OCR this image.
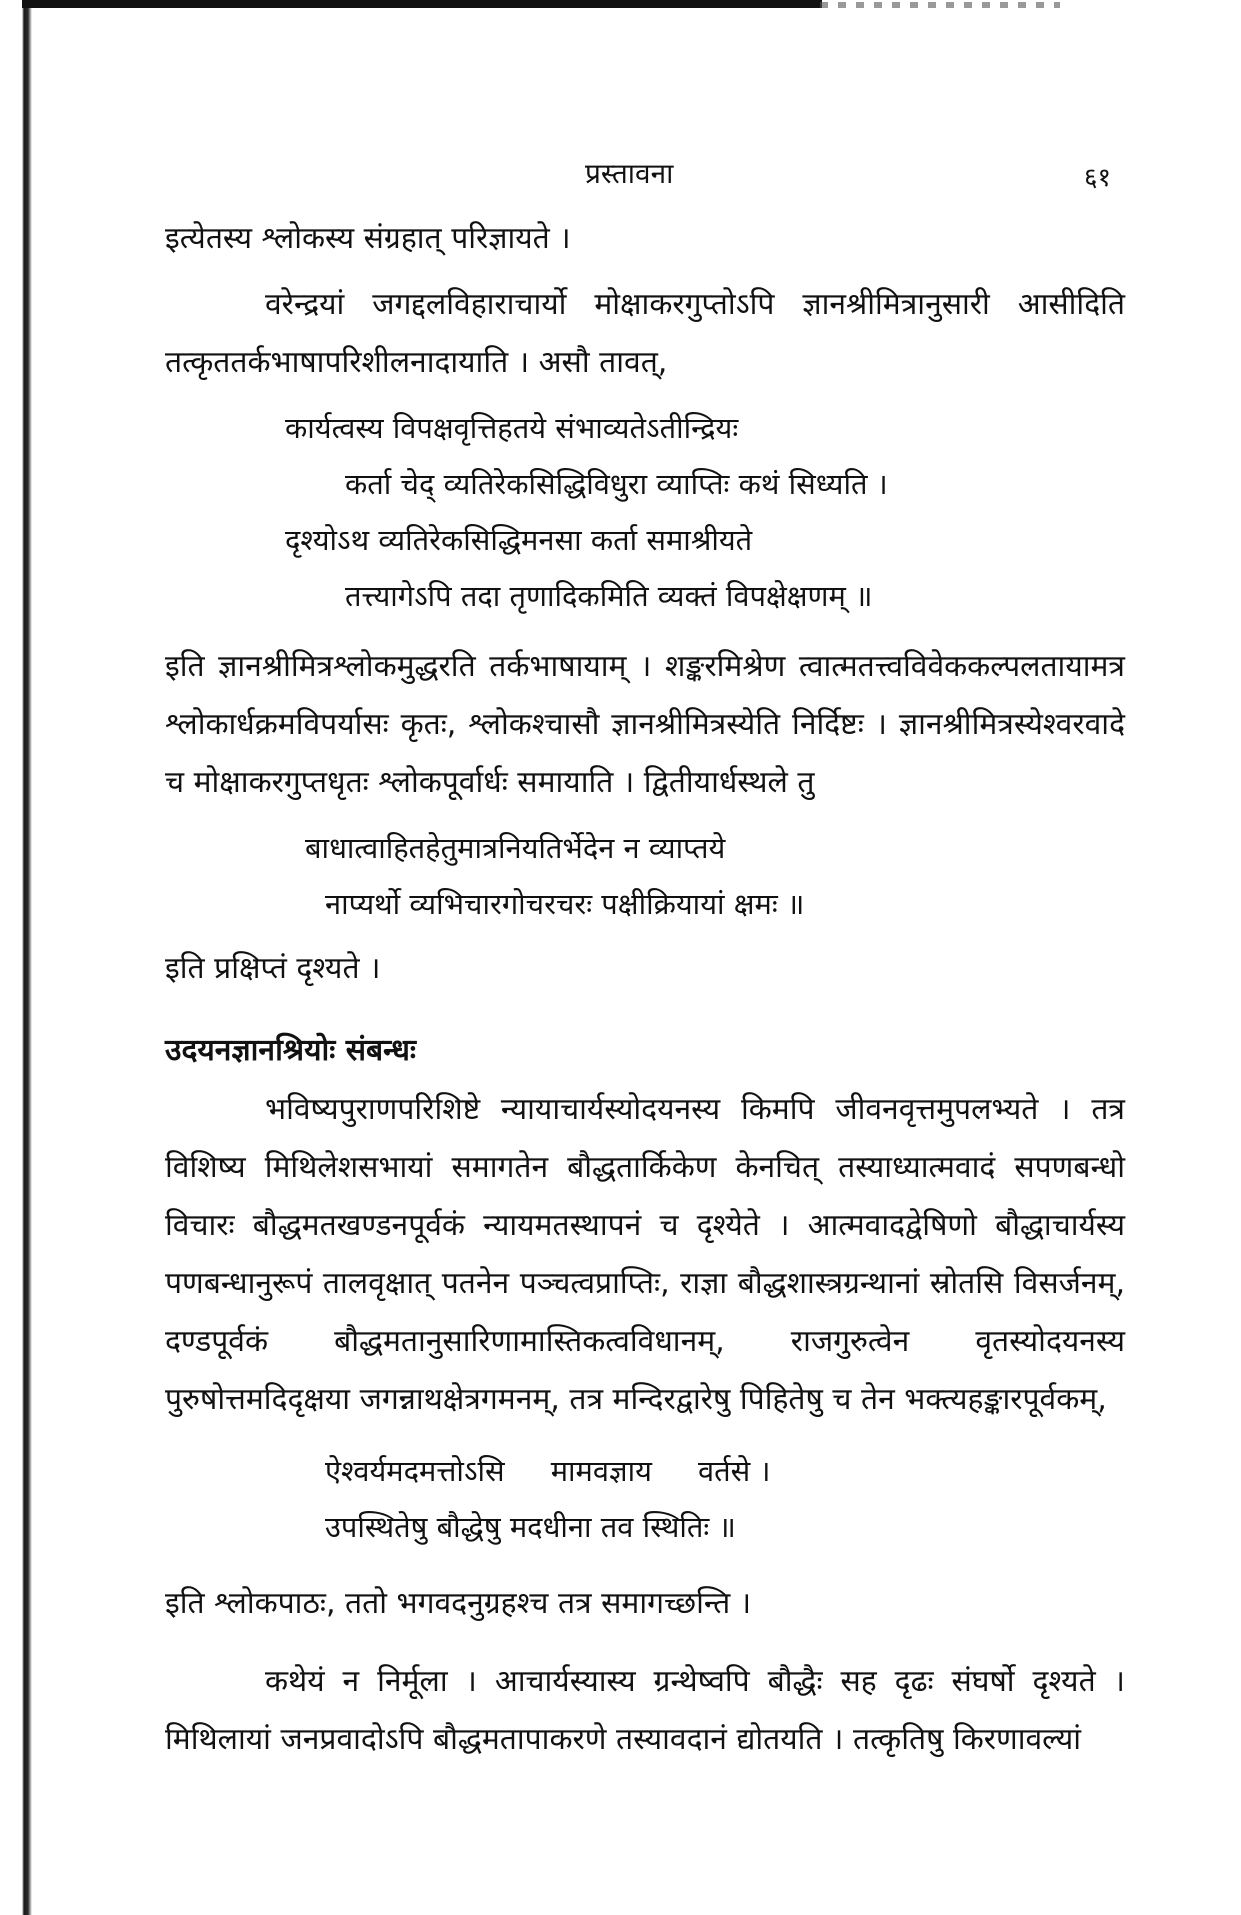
प्रस्तावना	६१

इत्येतस्य श्लोकस्य संग्रहात् परिज्ञायते ।

वरेन्द्रयां जगद्दलविहाराचार्यो मोक्षाकरगुप्तोऽपि ज्ञानश्रीमित्रानुसारी आसीदिति तत्कृततर्कभाषापरिशीलनादायाति । असौ तावत्,

कार्यत्वस्य विपक्षवृत्तिहतये संभाव्यतेऽतीन्द्रियः
कर्ता चेद् व्यतिरेकसिद्धिविधुरा व्याप्तिः कथं सिध्यति ।
दृश्योऽथ व्यतिरेकसिद्धिमनसा कर्ता समाश्रीयते
तत्त्यागेऽपि तदा तृणादिकमिति व्यक्तं विपक्षेक्षणम् ॥

इति ज्ञानश्रीमित्रश्लोकमुद्धरति तर्कभाषायाम् । शङ्करमिश्रेण त्वात्मतत्त्वविवेककल्पलतायामत्र श्लोकार्धक्रमविपर्यासः कृतः, श्लोकश्चासौ ज्ञानश्रीमित्रस्येति निर्दिष्टः । ज्ञानश्रीमित्रस्येश्वरवादे च मोक्षाकरगुप्तधृतः श्लोकपूर्वार्धः समायाति । द्वितीयार्धस्थले तु

बाधात्वाहितहेतुमात्रनियतिर्भेदेन न व्याप्तये
नाप्यर्थो व्यभिचारगोचरचरः पक्षीक्रियायां क्षमः ॥

इति प्रक्षिप्तं दृश्यते ।

उदयनज्ञानश्रियोः संबन्धः

भविष्यपुराणपरिशिष्टे न्यायाचार्यस्योदयनस्य किमपि जीवनवृत्तमुपलभ्यते । तत्र विशिष्य मिथिलेशसभायां समागतेन बौद्धतार्किकेण केनचित् तस्याध्यात्मवादं सपणबन्धो विचारः बौद्धमतखण्डनपूर्वकं न्यायमतस्थापनं च दृश्येते । आत्मवादद्वेषिणो बौद्धाचार्यस्य पणबन्धानुरूपं तालवृक्षात् पतनेन पञ्चत्वप्राप्तिः, राज्ञा बौद्धशास्त्रग्रन्थानां स्रोतसि विसर्जनम्, दण्डपूर्वकं बौद्धमतानुसारिणामास्तिकत्वविधानम्, राजगुरुत्वेन वृतस्योदयनस्य पुरुषोत्तमदिदृक्षया जगन्नाथक्षेत्रगमनम्, तत्र मन्दिरद्वारेषु पिहितेषु च तेन भक्त्यहङ्कारपूर्वकम्,

ऐश्वर्यमदमत्तोऽसि     मामवज्ञाय     वर्तसे ।
उपस्थितेषु बौद्धेषु मदधीना तव स्थितिः ॥

इति श्लोकपाठः, ततो भगवदनुग्रहश्च तत्र समागच्छन्ति ।

कथेयं न निर्मूला । आचार्यस्यास्य ग्रन्थेष्वपि बौद्धैः सह दृढः संघर्षो दृश्यते । मिथिलायां जनप्रवादोऽपि बौद्धमतापाकरणे तस्यावदानं द्योतयति । तत्कृतिषु किरणावल्यां
